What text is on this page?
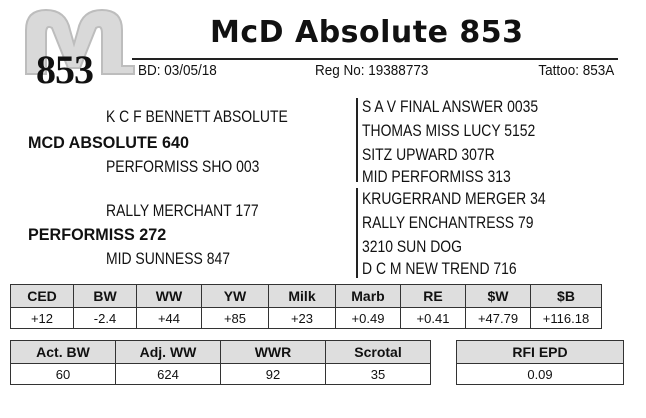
853
McD Absolute 853
BD: 03/05/18	Reg No: 19388773	Tattoo: 853A
K C F BENNETT ABSOLUTE
MCD ABSOLUTE 640
PERFORMISS SHO 003
RALLY MERCHANT 177
PERFORMISS 272
MID SUNNESS 847
S A V FINAL ANSWER 0035
THOMAS MISS LUCY 5152
SITZ UPWARD 307R
MID PERFORMISS 313
KRUGERRAND MERGER 34
RALLY ENCHANTRESS 79
3210 SUN DOG
D C M NEW TREND 716
CED	BW	WW	YW	Milk	Marb	RE	$W	$B
+12	-2.4	+44	+85	+23	+0.49	+0.41	+47.79	+116.18
Act. BW	Adj. WW	WWR	Scrotal
60	624	92	35
RFI EPD
0.09
